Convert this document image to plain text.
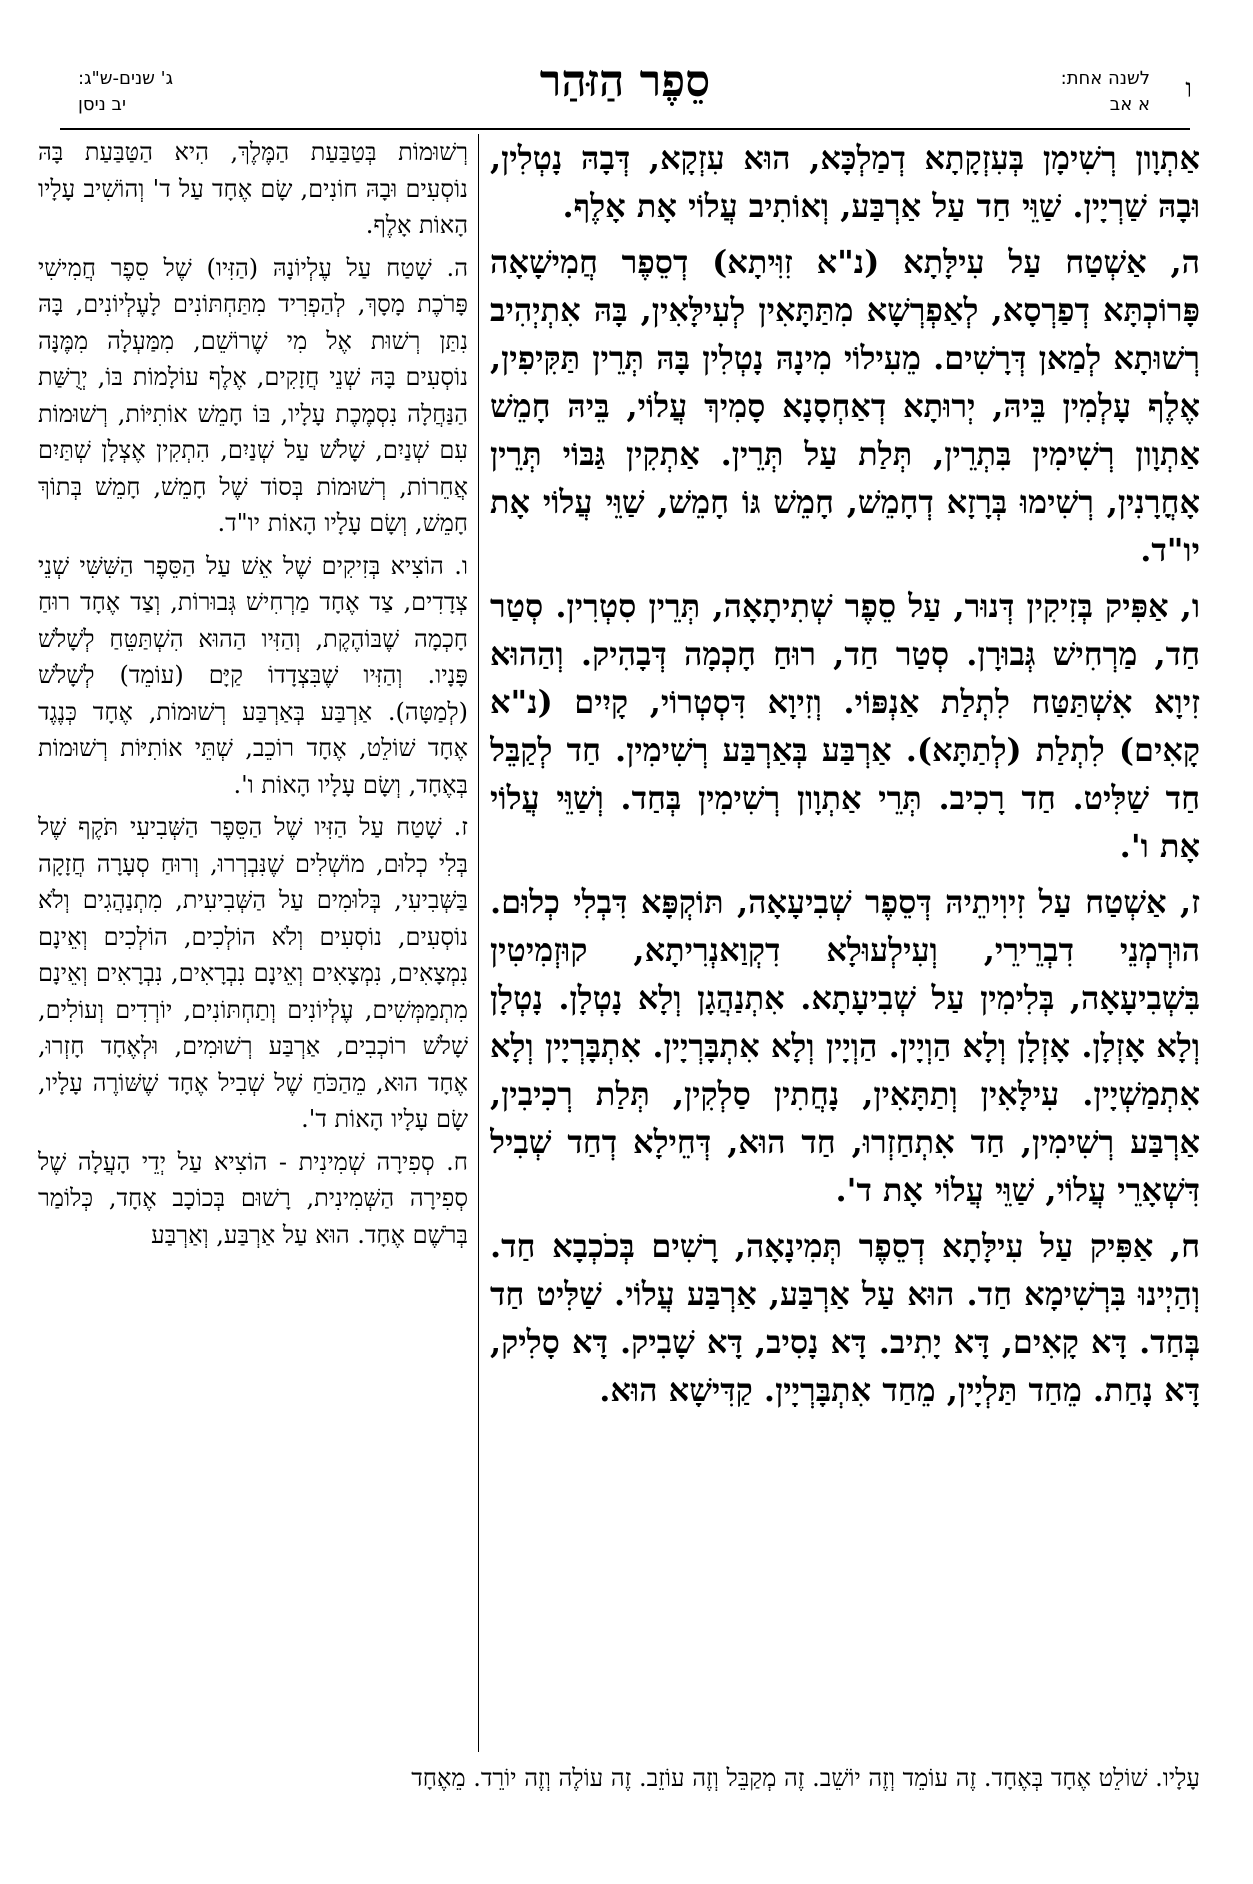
ו
לשנה אחת:
א אב
סֵפֶר הַזּהַר
ג' שנים-ש"ג:
יב ניסן

אַתְוָון רְשִׁימָן בְּעִזְקָתָא דְמַלְכָּא, הוּא עִזְקָא, דְּבָהּ נָטְלִין, וּבָהּ שַׁרְיָין. שַׁוֵּי חַד עַל אַרְבַּע, וְאוֹתִיב עֲלוֹי אָת אָלֶף.

ה, אַשְׁטַח עַל עִילָּתָא (נ"א זִוִּיתָא) דְסֵפֶר חֲמִישָׁאָה פָּרוֹכְתָּא דְפַרְסָא, לְאַפְרְשָׁא מִתַּתָּאִין לְעִילָּאִין, בָּהּ אִתְיְהִיב רְשׁוּתָא לְמַאן דְּרָשִׁים. מֵעִילוֹי מִינָהּ נָטְלִין בָּהּ תְּרֵין תַּקִּיפִין, אֶלֶף עָלְמִין בֵּיהּ, יְרוּתָא דְאַחְסָנָא סָמִיךְ עֲלוֹי, בֵּיהּ חָמֵשׁ אַתְוָון רְשִׁימִין בִּתְרֵין, תְּלַת עַל תְּרֵין. אַתְקִין גַּבּוֹי תְּרֵין אָחֳרָנִין, רְשִׁימוּ בְּרָזָא דְחָמֵשׁ, חָמֵשׁ גּוֹ חָמֵשׁ, שַׁוֵּי עֲלוֹי אָת יו"ד.

ו, אַפִּיק בְּזִיקִין דְּנוּר, עַל סֵפֶר שְׁתִיתָאָה, תְּרֵין סִטְרִין. סְטַר חַד, מַרְחִישׁ גְּבוּרָן. סְטַר חַד, רוּחַ חָכְמָה דְּבָהִיק. וְהַהוּא זִיוָא אִשְׁתַּטַּח לִתְלַת אַנְפּוֹי. וְזִיוָא דִּסְטְרוֹי, קָיִים (נ"א קָאִים) לִתְלַת (לְתַתָּא). אַרְבַּע בְּאַרְבַּע רְשִׁימִין. חַד לְקַבֵּל חַד שַׁלִּיט. חַד רָכִיב. תְּרֵי אַתְוָון רְשִׁימִין בְּחַד. וְשַׁוֵּי עֲלוֹי אָת ו'.

ז, אַשְׁטַח עַל זִיוִיתֵיהּ דְּסֵפֶר שְׁבִיעָאָה, תּוֹקְפָּא דִּבְלִי כְלוּם. הוּרְמְנֵי דִבְרֵירֵי, וְעִילְעוּלָא דִקְוַאנְרִיתָא, קוּזְמִיטִין בִּשְׁבִיעָאָה, בְּלִימִין עַל שְׁבִיעָתָא. אִתְנַהֲגָן וְלָא נָטְלָן. נָטְלָן וְלָא אָזְלָן. אָזְלָן וְלָא הַוְיָין. הַוְיָין וְלָא אִתְבָּרְיָין. אִתְבָּרְיָין וְלָא אִתְמַשְׁיָין. עִילָּאִין וְתַתָּאִין, נָחֲתִין סַלְקִין, תְּלַת רְכִיבִין, אַרְבַּע רְשִׁימִין, חַד אִתְחַזְרוּ, חַד הוּא, דְּחֵילָא דְחַד שְׁבִיל דִּשְׁאָרֵי עֲלוֹי, שַׁוֵּי עֲלוֹי אָת ד'.

ח, אַפִּיק עַל עִילָּתָא דְסֵפֶר תְּמִינָאָה, רָשִׁים בְּכֹכְבָא חַד. וְהַיְינוּ בִּרְשִׁימָא חַד. הוּא עַל אַרְבַּע, אַרְבַּע עֲלוֹי. שַׁלִּיט חַד בְּחַד. דָּא קָאִים, דָּא יָתִיב. דָּא נָסִיב, דָּא שָׁבִיק. דָּא סָלִיק, דָּא נָחַת. מֵחַד תַּלְיָין, מֵחַד אִתְבָּרְיָין. קַדִּישָׁא הוּא.

רְשׁוּמוֹת בְּטַבַּעַת הַמֶּלֶךְ, הִיא הַטַּבַּעַת בָּהּ נוֹסְעִים וּבָהּ חוֹנִים, שָׂם אֶחָד עַל ד' וְהוֹשִׁיב עָלָיו הָאוֹת אָלֶף.

ה. שָׁטַח עַל עֶלְיוֹנָהּ (הַזִּיו) שֶׁל סֵפֶר חֲמִישִׁי פָּרֹכֶת מָסָךְ, לְהַפְרִיד מִתַּחְתּוֹנִים לָעֶלְיוֹנִים, בָּהּ נִתַּן רְשׁוּת אֶל מִי שֶׁרוֹשֵׁם, מִמַּעְלָה מִמֶּנָּה נוֹסְעִים בָּהּ שְׁנֵי חֲזָקִים, אֶלֶף עוֹלָמוֹת בּוֹ, יְרֻשַּׁת הַנַּחֲלָה נִסְמֶכֶת עָלָיו, בּוֹ חָמֵשׁ אוֹתִיּוֹת, רְשׁוּמוֹת עִם שְׁנַיִם, שָׁלֹשׁ עַל שְׁנַיִם, הִתְקִין אֶצְלָן שְׁתַּיִם אֲחֵרוֹת, רְשׁוּמוֹת בְּסוֹד שֶׁל חָמֵשׁ, חָמֵשׁ בְּתוֹךְ חָמֵשׁ, וְשָׂם עָלָיו הָאוֹת יו"ד.

ו. הוֹצִיא בְּזִיקִים שֶׁל אֵשׁ עַל הַסֵּפֶר הַשִּׁשִּׁי שְׁנֵי צְדָדִים, צַד אֶחָד מַרְחִישׁ גְּבוּרוֹת, וְצַד אֶחָד רוּחַ חָכְמָה שֶׁבּוֹהֶקֶת, וְהַזִּיו הַהוּא הִשְׁתַּטֵּחַ לְשָׁלֹשׁ פָּנָיו. וְהַזִּיו שֶׁבִּצְדָדוֹ קַיָּם (עוֹמֵד) לְשָׁלֹשׁ (לְמַטָּה). אַרְבַּע בְּאַרְבַּע רְשׁוּמוֹת, אֶחָד כְּנֶגֶד אֶחָד שׁוֹלֵט, אֶחָד רוֹכֵב, שְׁתֵּי אוֹתִיּוֹת רְשׁוּמוֹת בְּאֶחָד, וְשָׂם עָלָיו הָאוֹת ו'.

ז. שָׁטַח עַל הַזִּיו שֶׁל הַסֵּפֶר הַשְּׁבִיעִי תֹּקֶף שֶׁל בְּלִי כְלוּם, מוֹשְׁלִים שֶׁנִּבְרְרוּ, וְרוּחַ סְעָרָה חֲזָקָה בַּשְּׁבִיעִי, בְּלוּמִים עַל הַשְּׁבִיעִית, מִתְנַהֲגִים וְלֹא נוֹסְעִים, נוֹסְעִים וְלֹא הוֹלְכִים, הוֹלְכִים וְאֵינָם נִמְצָאִים, נִמְצָאִים וְאֵינָם נִבְרָאִים, נִבְרָאִים וְאֵינָם מִתְמַמְּשִׁים, עֶלְיוֹנִים וְתַחְתּוֹנִים, יוֹרְדִים וְעוֹלִים, שָׁלֹשׁ רוֹכְבִים, אַרְבַּע רְשׁוּמִים, וּלְאֶחָד חָזְרוּ, אֶחָד הוּא, מֵהַכֹּחַ שֶׁל שְׁבִיל אֶחָד שֶׁשּׁוֹרֶה עָלָיו, שָׂם עָלָיו הָאוֹת ד'.

ח. סְפִירָה שְׁמִינִית - הוֹצִיא עַל יְדֵי הָעֲלָה שֶׁל סְפִירָה הַשְּׁמִינִית, רָשׁוּם בְּכוֹכָב אֶחָד, כְּלוֹמַר בְּרֹשֶׁם אֶחָד. הוּא עַל אַרְבַּע, וְאַרְבַּע

עָלָיו. שׁוֹלֵט אֶחָד בְּאֶחָד. זֶה עוֹמֵד וְזֶה יוֹשֵׁב. זֶה מְקַבֵּל וְזֶה עוֹזֵב. זֶה עוֹלֶה וְזֶה יוֹרֵד. מֵאֶחָד
